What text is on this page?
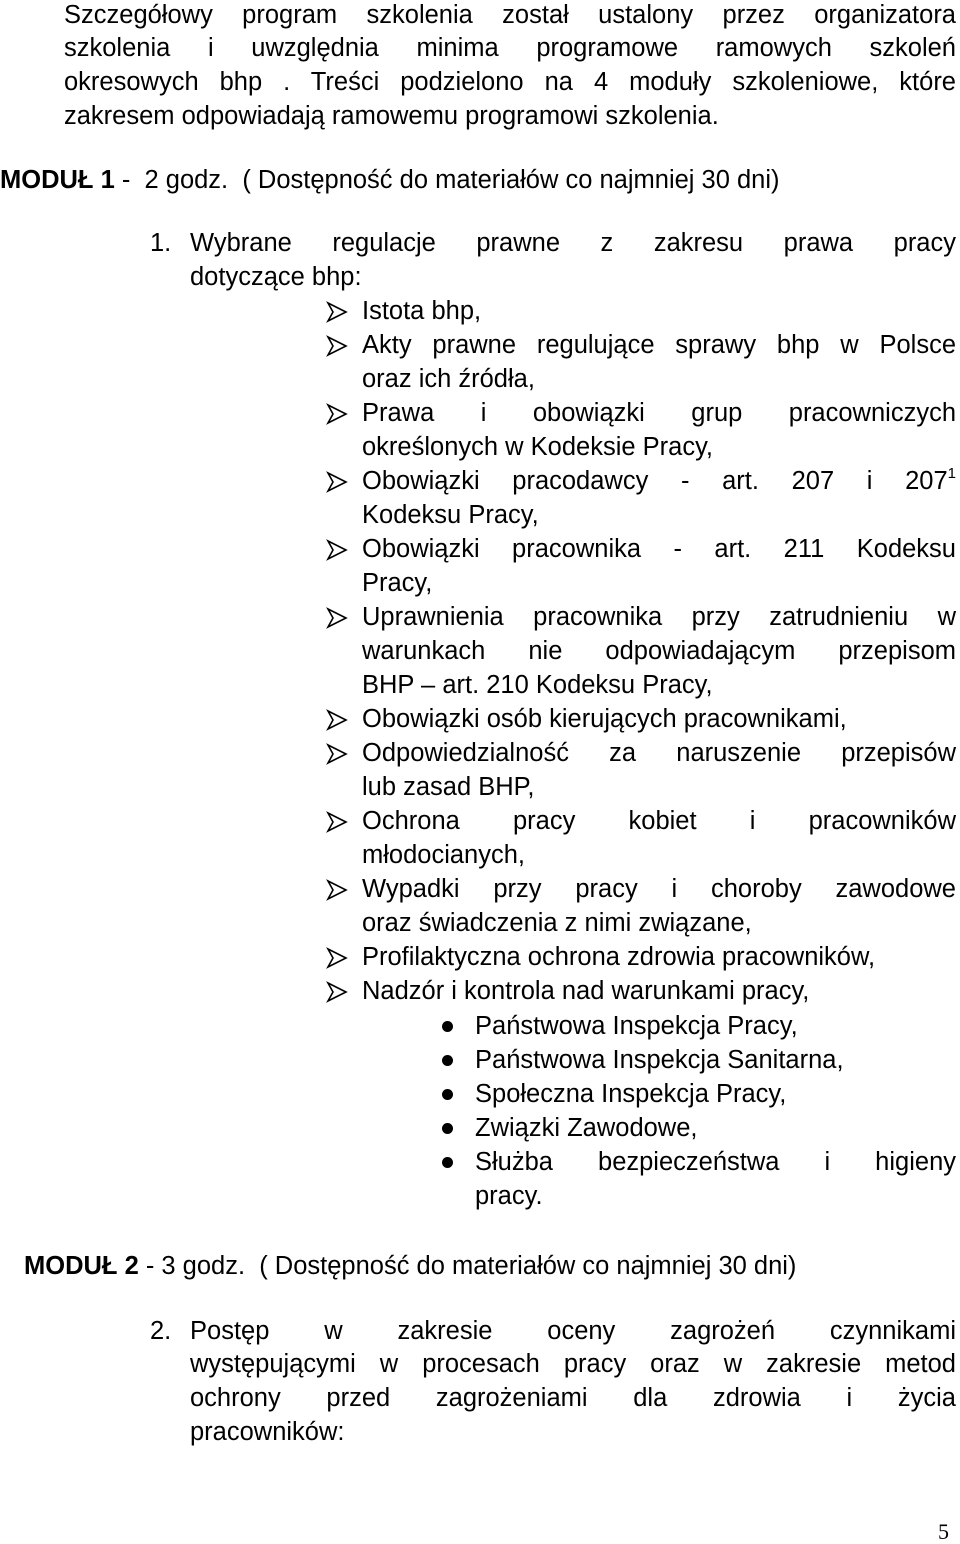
Szczegółowy program szkolenia został ustalony przez organizatora
szkolenia i uwzględnia minima programowe ramowych szkoleń
okresowych bhp . Treści podzielono na 4 moduły szkoleniowe, które
zakresem odpowiadają ramowemu programowi szkolenia.
MODUŁ 1 -  2 godz.  ( Dostępność do materiałów co najmniej 30 dni)
1. Wybrane regulacje prawne z zakresu prawa pracy
dotyczące bhp:
Istota bhp,
Akty prawne regulujące sprawy bhp w Polsce
oraz ich źródła,
Prawa i obowiązki grup pracowniczych
określonych w Kodeksie Pracy,
Obowiązki pracodawcy - art. 207 i $207^1$
Kodeksu Pracy,
Obowiązki pracownika - art. 211 Kodeksu
Pracy,
Uprawnienia pracownika przy zatrudnieniu w
warunkach nie odpowiadającym przepisom
BHP – art. 210 Kodeksu Pracy,
Obowiązki osób kierujących pracownikami,
Odpowiedzialność za naruszenie przepisów
lub zasad BHP,
Ochrona pracy kobiet i pracowników
młodocianych,
Wypadki przy pracy i choroby zawodowe
oraz świadczenia z nimi związane,
Profilaktyczna ochrona zdrowia pracowników,
Nadzór i kontrola nad warunkami pracy,
Państwowa Inspekcja Pracy,
Państwowa Inspekcja Sanitarna,
Społeczna Inspekcja Pracy,
Związki Zawodowe,
Służba bezpieczeństwa i higieny
pracy.
MODUŁ 2 - 3 godz.  ( Dostępność do materiałów co najmniej 30 dni)
2. Postęp w zakresie oceny zagrożeń czynnikami
występującymi w procesach pracy oraz w zakresie metod
ochrony przed zagrożeniami dla zdrowia i życia
pracowników:
5
